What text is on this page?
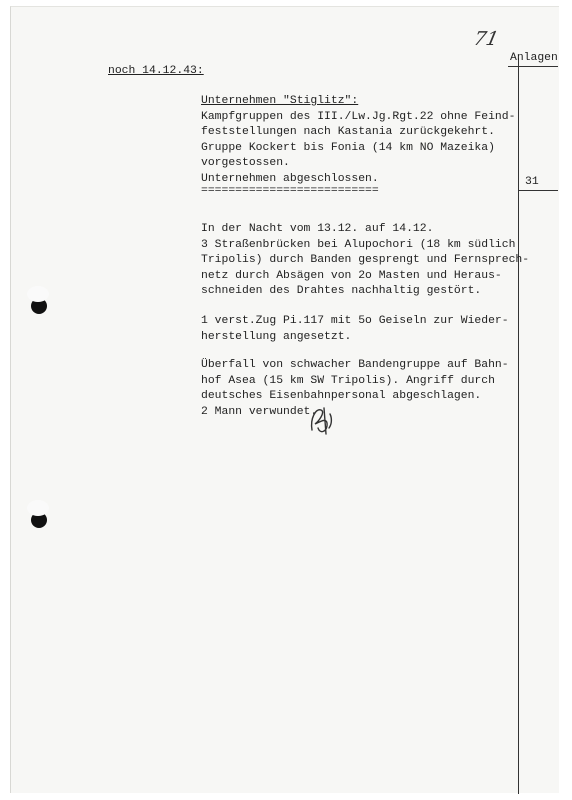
71
Anlagen
31
noch 14.12.43:
Unternehmen "Stiglitz":
Kampfgruppen des III./Lw.Jg.Rgt.22 ohne Feind-
feststellungen nach Kastania zurückgekehrt.
Gruppe Kockert bis Fonia (14 km NO Mazeika)
vorgestossen.
Unternehmen abgeschlossen.
==========================
In der Nacht vom 13.12. auf 14.12.
3 Straßenbrücken bei Alupochori (18 km südlich
Tripolis) durch Banden gesprengt und Fernsprech-
netz durch Absägen von 2o Masten und Heraus-
schneiden des Drahtes nachhaltig gestört.
1 verst.Zug Pi.117 mit 5o Geiseln zur Wieder-
herstellung angesetzt.
Überfall von schwacher Bandengruppe auf Bahn-
hof Asea (15 km SW Tripolis). Angriff durch
deutsches Eisenbahnpersonal abgeschlagen.
2 Mann verwundet.
